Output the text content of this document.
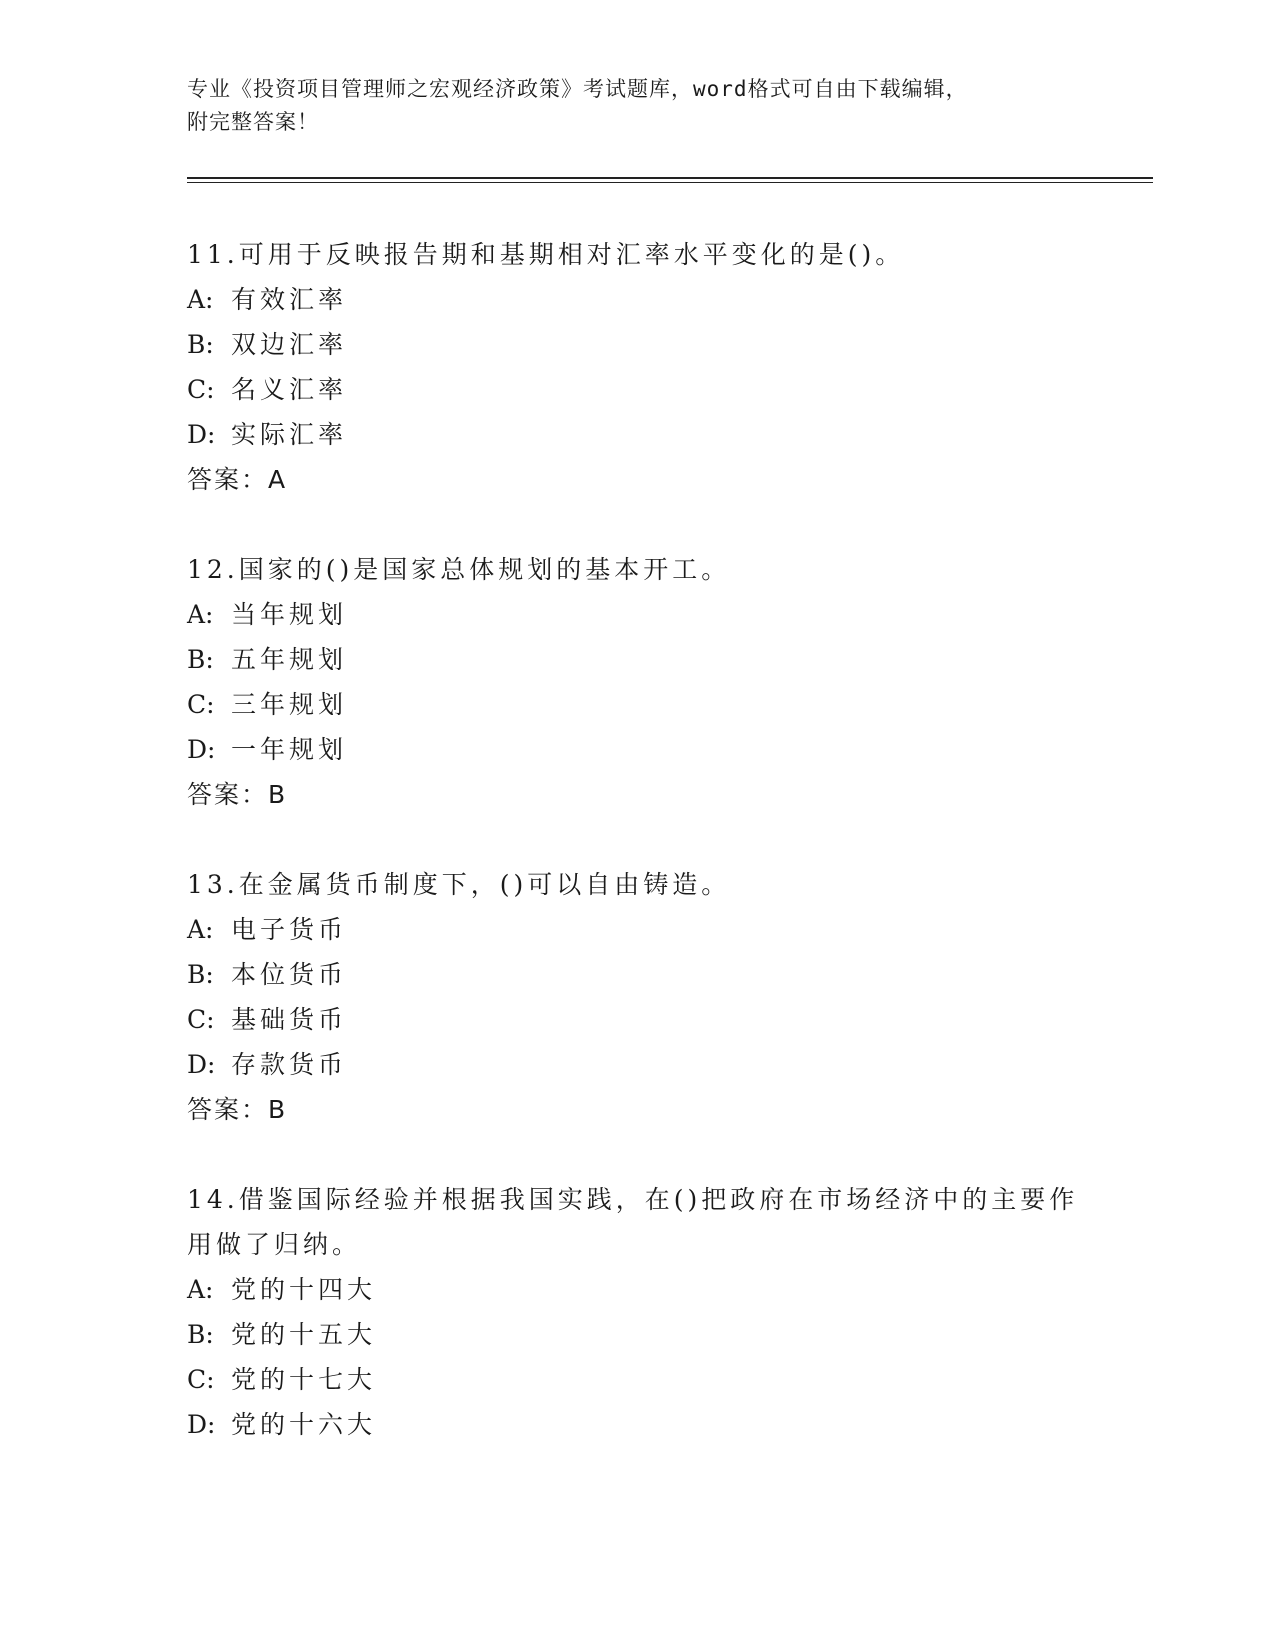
专业《投资项目管理师之宏观经济政策》考试题库，word格式可自由下载编辑，
附完整答案！
11.可用于反映报告期和基期相对汇率水平变化的是()。
A: 有效汇率
B: 双边汇率
C: 名义汇率
D: 实际汇率
答案：A
12.国家的()是国家总体规划的基本开工。
A: 当年规划
B: 五年规划
C: 三年规划
D: 一年规划
答案：B
13.在金属货币制度下，()可以自由铸造。
A: 电子货币
B: 本位货币
C: 基础货币
D: 存款货币
答案：B
14.借鉴国际经验并根据我国实践，在()把政府在市场经济中的主要作
用做了归纳。
A: 党的十四大
B: 党的十五大
C: 党的十七大
D: 党的十六大
